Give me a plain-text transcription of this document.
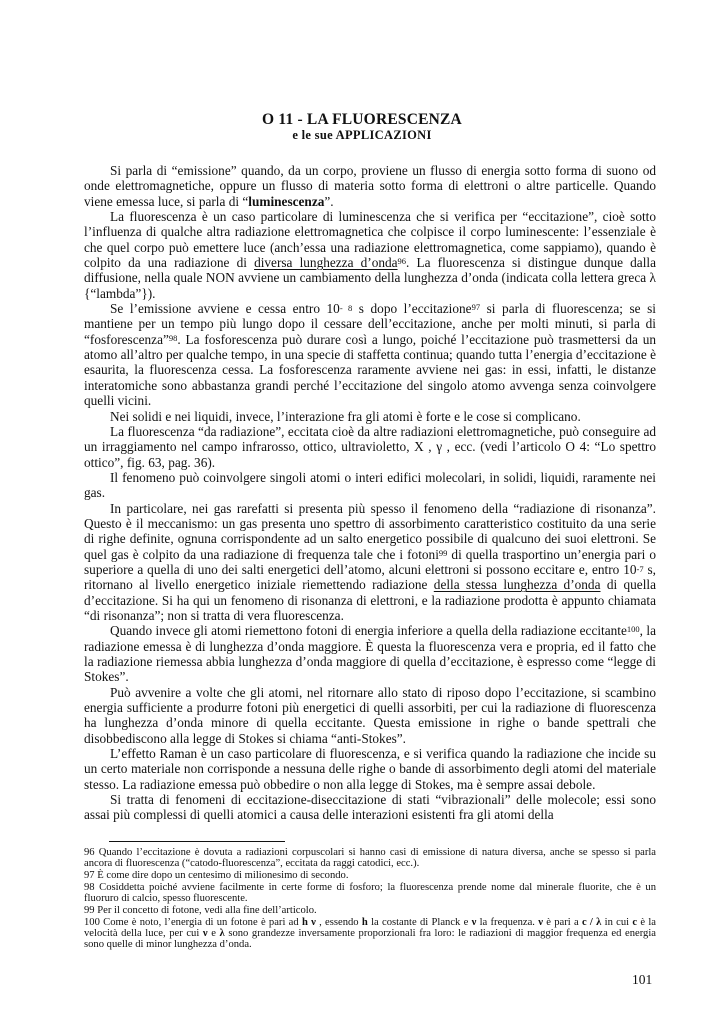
O 11 - LA FLUORESCENZA
e le sue APPLICAZIONI

Si parla di “emissione” quando, da un corpo, proviene un flusso di energia sotto forma di suono od onde elettromagnetiche, oppure un flusso di materia sotto forma di elettroni o altre particelle. Quando viene emessa luce, si parla di “luminescenza”.

La fluorescenza è un caso particolare di luminescenza che si verifica per “eccitazione”, cioè sotto l’influenza di qualche altra radiazione elettromagnetica che colpisce il corpo luminescente: l’essenziale è che quel corpo può emettere luce (anch’essa una radiazione elettromagnetica, come sappiamo), quando è colpito da una radiazione di diversa lunghezza d’onda$^{96}$. La fluorescenza si distingue dunque dalla diffusione, nella quale NON avviene un cambiamento della lunghezza d’onda (indicata colla lettera greca λ {“lambda”}).

Se l’emissione avviene e cessa entro $10^{- 8}$ s dopo l’eccitazione$^{97}$ si parla di fluorescenza; se si mantiene per un tempo più lungo dopo il cessare dell’eccitazione, anche per molti minuti, si parla di “fosforescenza”$^{98}$. La fosforescenza può durare così a lungo, poiché l’eccitazione può trasmettersi da un atomo all’altro per qualche tempo, in una specie di staffetta continua; quando tutta l’energia d’eccitazione è esaurita, la fluorescenza cessa. La fosforescenza raramente avviene nei gas: in essi, infatti, le distanze interatomiche sono abbastanza grandi perché l’eccitazione del singolo atomo avvenga senza coinvolgere quelli vicini.

Nei solidi e nei liquidi, invece, l’interazione fra gli atomi è forte e le cose si complicano.

La fluorescenza “da radiazione”, eccitata cioè da altre radiazioni elettromagnetiche, può conseguire ad un irraggiamento nel campo infrarosso, ottico, ultravioletto, X , γ , ecc. (vedi l’articolo O 4: “Lo spettro ottico”, fig. 63, pag. 36).

Il fenomeno può coinvolgere singoli atomi o interi edifici molecolari, in solidi, liquidi, raramente nei gas.

In particolare, nei gas rarefatti si presenta più spesso il fenomeno della “radiazione di risonanza”. Questo è il meccanismo: un gas presenta uno spettro di assorbimento caratteristico costituito da una serie di righe definite, ognuna corrispondente ad un salto energetico possibile di qualcuno dei suoi elettroni. Se quel gas è colpito da una radiazione di frequenza tale che i fotoni$^{99}$ di quella trasportino un’energia pari o superiore a quella di uno dei salti energetici dell’atomo, alcuni elettroni si possono eccitare e, entro $10^{-7}$ s, ritornano al livello energetico iniziale riemettendo radiazione della stessa lunghezza d’onda di quella d’eccitazione. Si ha qui un fenomeno di risonanza di elettroni, e la radiazione prodotta è appunto chiamata “di risonanza”; non si tratta di vera fluorescenza.

Quando invece gli atomi riemettono fotoni di energia inferiore a quella della radiazione eccitante$^{100}$, la radiazione emessa è di lunghezza d’onda maggiore. È questa la fluorescenza vera e propria, ed il fatto che la radiazione riemessa abbia lunghezza d’onda maggiore di quella d’eccitazione, è espresso come “legge di Stokes”.

Può avvenire a volte che gli atomi, nel ritornare allo stato di riposo dopo l’eccitazione, si scambino energia sufficiente a produrre fotoni più energetici di quelli assorbiti, per cui la radiazione di fluorescenza ha lunghezza d’onda minore di quella eccitante. Questa emissione in righe o bande spettrali che disobbediscono alla legge di Stokes si chiama “anti-Stokes”.

L’effetto Raman è un caso particolare di fluorescenza, e si verifica quando la radiazione che incide su un certo materiale non corrisponde a nessuna delle righe o bande di assorbimento degli atomi del materiale stesso. La radiazione emessa può obbedire o non alla legge di Stokes, ma è sempre assai debole.

Si tratta di fenomeni di eccitazione-diseccitazione di stati “vibrazionali” delle molecole; essi sono assai più complessi di quelli atomici a causa delle interazioni esistenti fra gli atomi della

96 Quando l’eccitazione è dovuta a radiazioni corpuscolari si hanno casi di emissione di natura diversa, anche se spesso si parla ancora di fluorescenza (“catodo-fluorescenza”, eccitata da raggi catodici, ecc.).

97 È come dire dopo un centesimo di milionesimo di secondo.

98 Cosiddetta poiché avviene facilmente in certe forme di fosforo; la fluorescenza prende nome dal minerale fluorite, che è un fluoruro di calcio, spesso fluorescente.

99 Per il concetto di fotone, vedi alla fine dell’articolo.

100 Come è noto, l’energia di un fotone è pari ad h ν , essendo h la costante di Planck e ν la frequenza. ν è pari a c / λ in cui c è la velocità della luce, per cui ν e λ sono grandezze inversamente proporzionali fra loro: le radiazioni di maggior frequenza ed energia sono quelle di minor lunghezza d’onda.

101
